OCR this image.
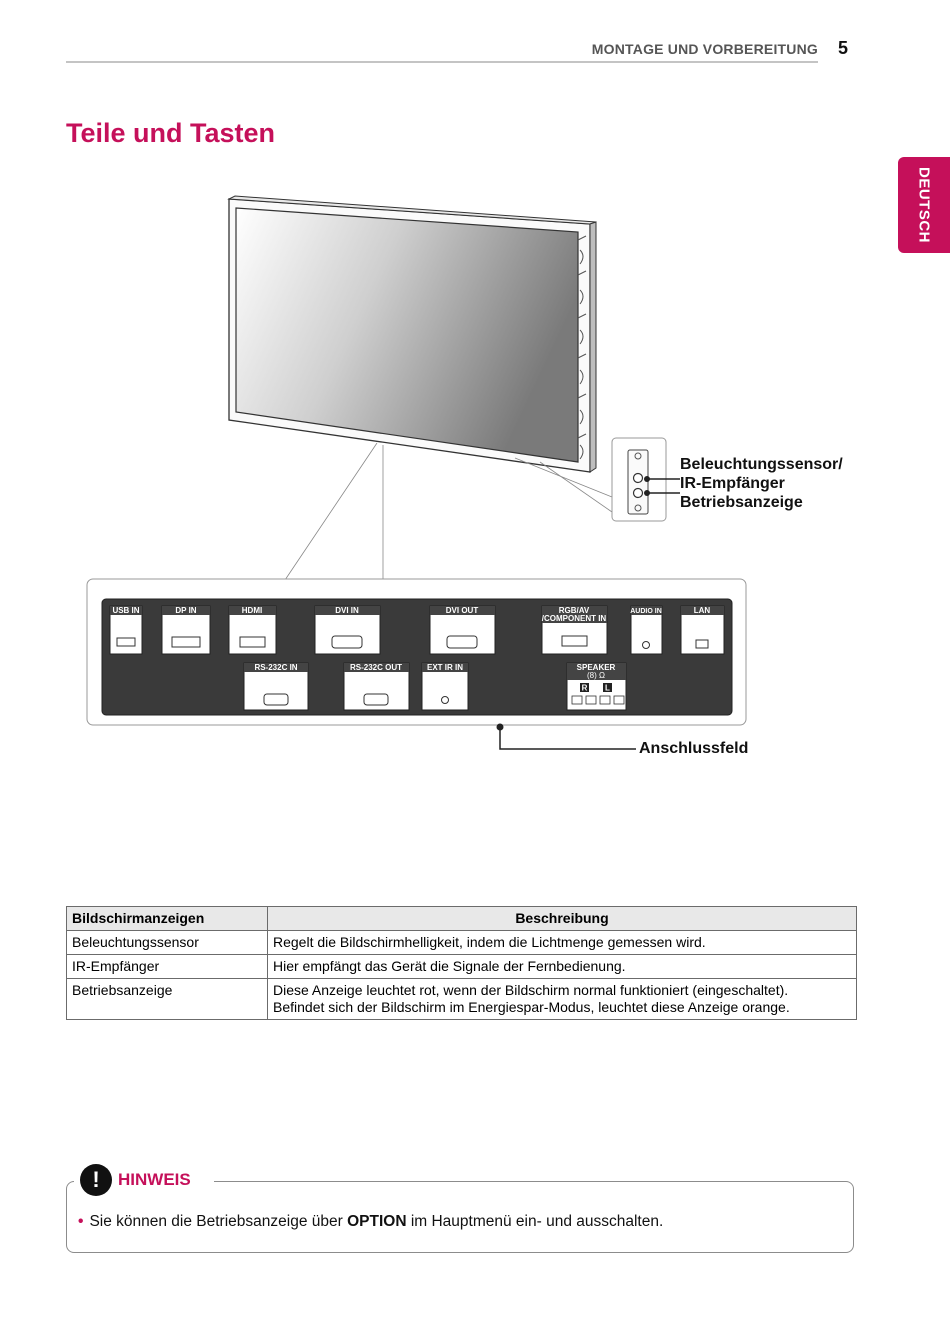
MONTAGE UND VORBEREITUNG 5
DEUTSCH
Teile und Tasten
USB IN	DP IN	HDMI	DVI IN	DVI OUT	RGB/AV
/COMPONENT IN
AUDIO IN	LAN
RS-232C IN	RS-232C OUT	EXT IR IN	SPEAKER
(8) Ω
R L
Beleuchtungssensor/
IR-Empfänger
Betriebsanzeige
Anschlussfeld
Bildschirmanzeigen	Beschreibung
Beleuchtungssensor	Regelt die Bildschirmhelligkeit, indem die Lichtmenge gemessen wird.
IR-Empfänger	Hier empfängt das Gerät die Signale der Fernbedienung.
Betriebsanzeige	Diese Anzeige leuchtet rot, wenn der Bildschirm normal funktioniert (eingeschaltet).
Befindet sich der Bildschirm im Energiespar-Modus, leuchtet diese Anzeige orange.
!	HINWEIS
• Sie können die Betriebsanzeige über OPTION im Hauptmenü ein- und ausschalten.
